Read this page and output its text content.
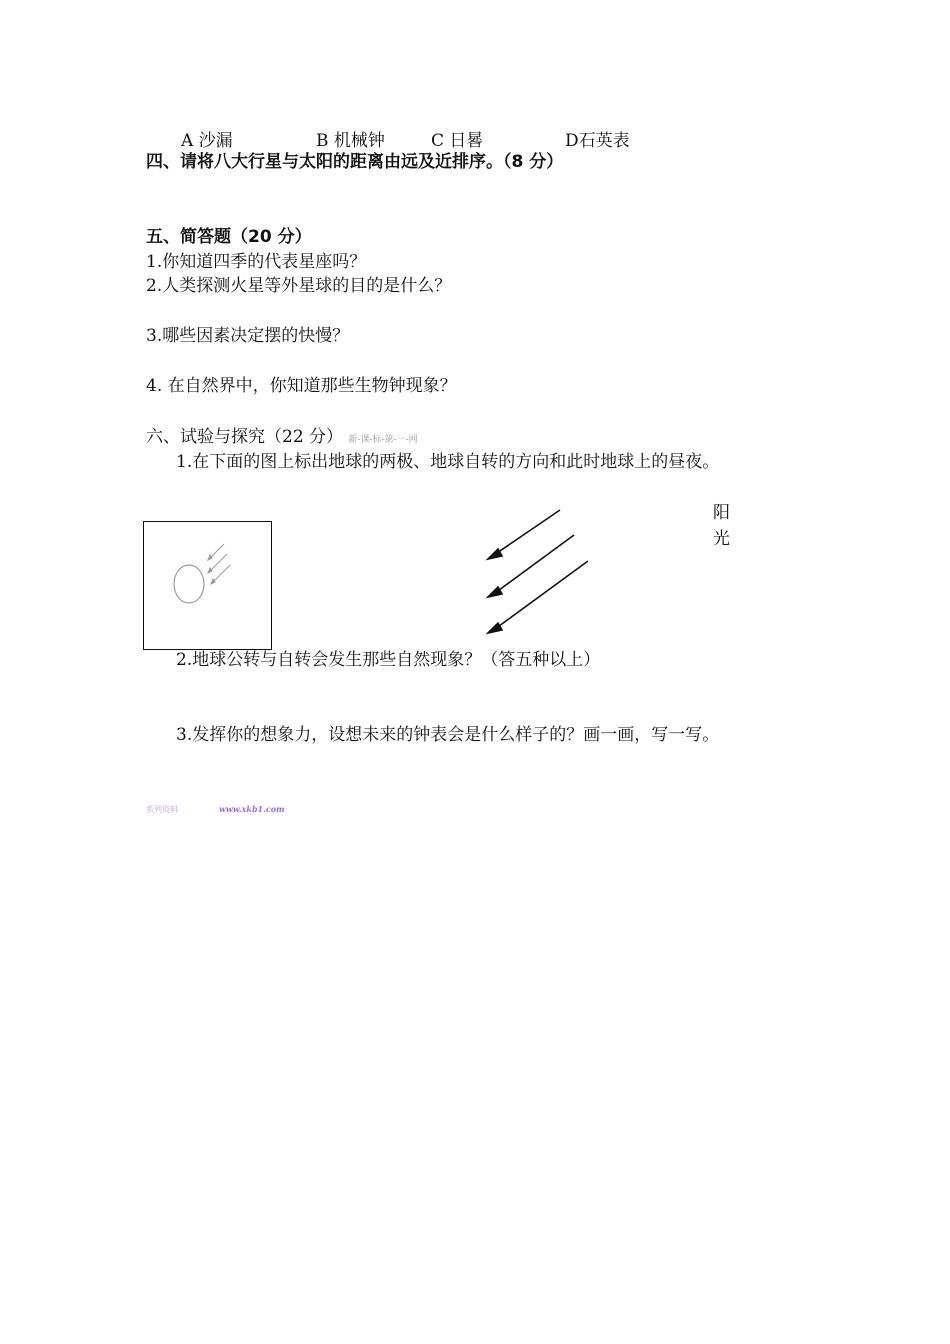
A 沙漏	B 机械钟	C 日晷	D石英表
四、请将八大行星与太阳的距离由远及近排序。（8 分）
五、简答题（20 分）
1.你知道四季的代表星座吗？
2.人类探测火星等外星球的目的是什么？
3.哪些因素决定摆的快慢？
4. 在自然界中，你知道那些生物钟现象？
六、试验与探究（22 分） 新-课-标-第-一-网
1.在下面的图上标出地球的两极、地球自转的方向和此时地球上的昼夜。
阳
光
2.地球公转与自转会发生那些自然现象？（答五种以上）
3.发挥你的想象力，设想未来的钟表会是什么样子的？画一画，写一写。
系列资料	www.xkb1.com
